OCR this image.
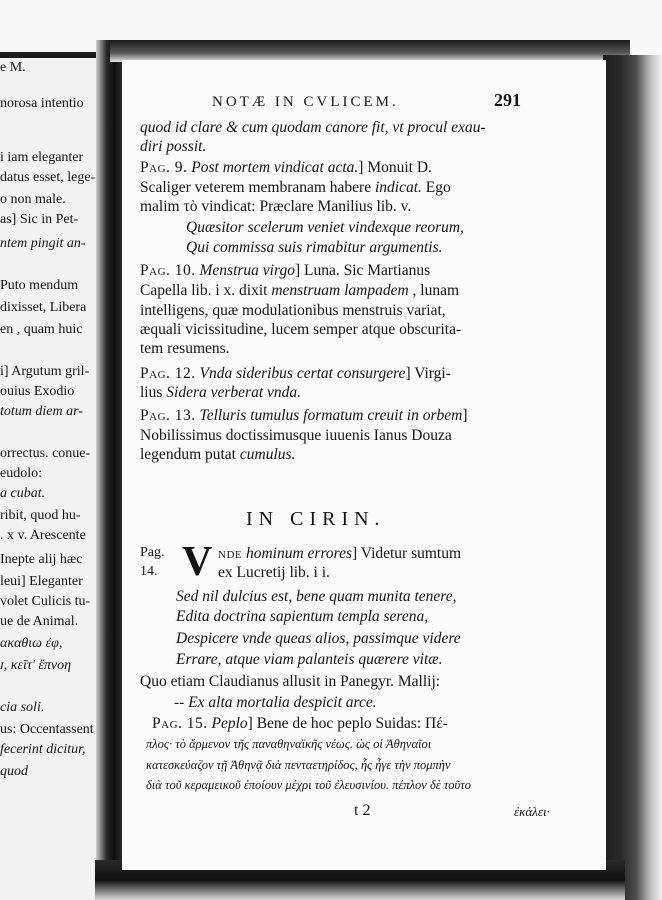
e M.
norosa intentio
i iam eleganter
datus esset, lege-
o non male.
as] Sic in Pet-
ntem pingit an-
Puto mendum
dixisset, Libera
en , quam huic
i] Argutum gril-
ouius Exodio
totum diem ar-
orrectus. conue-
eudolo:
a cubat.
ribit, quod hu-
. x v. Arescente
Inepte alij hæc
leui] Eleganter
volet Culicis tu-
ue de Animal.
ακαθιω ἐφ,
ɪ, κεῖτ' ἔπνοη
cia soli.
us: Occentassent
fecerint dicitur,
quod
NOTÆ IN CVLICEM.	291
quod id clare & cum quodam canore fit, vt procul exau-
diri possit.
Pag. 9. Post mortem vindicat acta.] Monuit D.
Scaliger veterem membranam habere indicat. Ego
malim τὸ vindicat: Præclare Manilius lib. v.
Quæsitor scelerum veniet vindexque reorum,
Qui commissa suis rimabitur argumentis.
Pag. 10. Menstrua virgo] Luna. Sic Martianus
Capella lib. i x. dixit menstruam lampadem , lunam
intelligens, quæ modulationibus menstruis variat,
æquali vicissitudine, lucem semper atque obscurita-
tem resumens.
Pag. 12. Vnda sideribus certat consurgere] Virgi-
lius Sidera verberat vnda.
Pag. 13. Telluris tumulus formatum creuit in orbem]
Nobilissimus doctissimusque iuuenis Ianus Douza
legendum putat cumulus.
IN CIRIN.
Pag.
14. V nde hominum errores] Videtur sumtum
ex Lucretij lib. i i.
Sed nil dulcius est, bene quam munita tenere,
Edita doctrina sapientum templa serena,
Despicere vnde queas alios, passimque videre
Errare, atque viam palanteis quærere vitæ.
Quo etiam Claudianus allusit in Panegyr. Mallij:
-- Ex alta mortalia despicit arce.
Pag. 15. Peplo] Bene de hoc peplo Suidas: Πέ-
πλος· τὸ ἄρμενον τῆς παναθηναϊκῆς νέως. ὡς οἱ Ἀθηναῖοι
κατεσκεύαζον τῇ Ἀθηνᾷ διὰ πενταετηρίδος, ἧς ἦγε τὴν πομπὴν
διὰ τοῦ κεραμεικοῦ ἐποίουν μέχρι τοῦ ἐλευσινίου. πέπλον δὲ τοῦτο
t 2	ἐκάλει·
